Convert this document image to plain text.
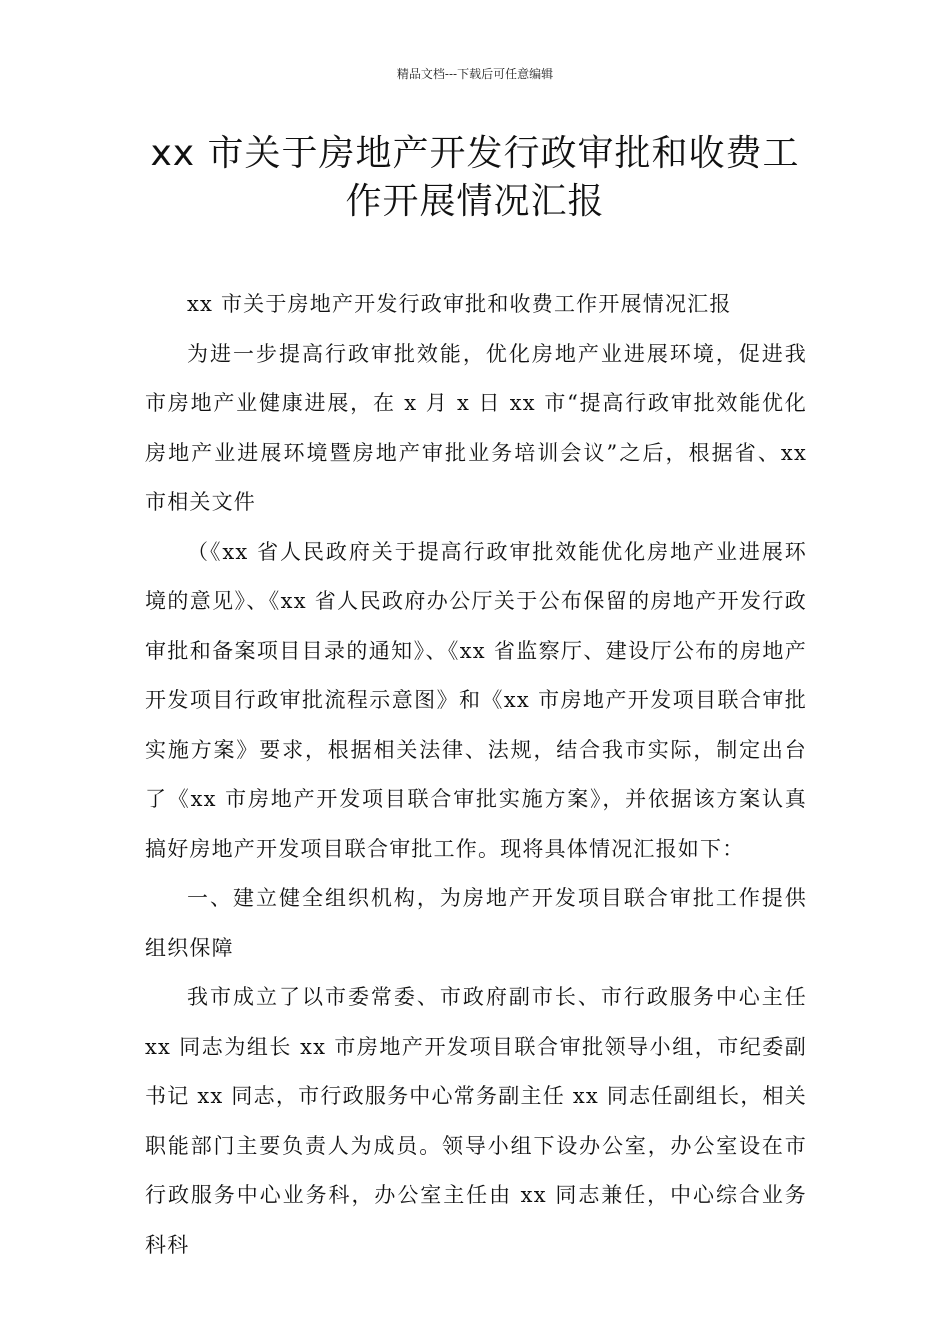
精品文档---下载后可任意编辑
xx 市关于房地产开发行政审批和收费工作开展情况汇报

xx 市关于房地产开发行政审批和收费工作开展情况汇报

为进一步提高行政审批效能，优化房地产业进展环境，促进我市房地产业健康进展，在 x 月 x 日 xx 市“提高行政审批效能优化房地产业进展环境暨房地产审批业务培训会议”之后，根据省、xx 市相关文件

（《xx 省人民政府关于提高行政审批效能优化房地产业进展环境的意见》、《xx 省人民政府办公厅关于公布保留的房地产开发行政审批和备案项目目录的通知》、《xx 省监察厅、建设厅公布的房地产开发项目行政审批流程示意图》和《xx 市房地产开发项目联合审批实施方案》要求，根据相关法律、法规，结合我市实际，制定出台了《xx 市房地产开发项目联合审批实施方案》，并依据该方案认真搞好房地产开发项目联合审批工作。现将具体情况汇报如下：

一、建立健全组织机构，为房地产开发项目联合审批工作提供组织保障

我市成立了以市委常委、市政府副市长、市行政服务中心主任 xx 同志为组长 xx 市房地产开发项目联合审批领导小组，市纪委副书记 xx 同志，市行政服务中心常务副主任 xx 同志任副组长，相关职能部门主要负责人为成员。领导小组下设办公室，办公室设在市行政服务中心业务科，办公室主任由 xx 同志兼任，中心综合业务科科
